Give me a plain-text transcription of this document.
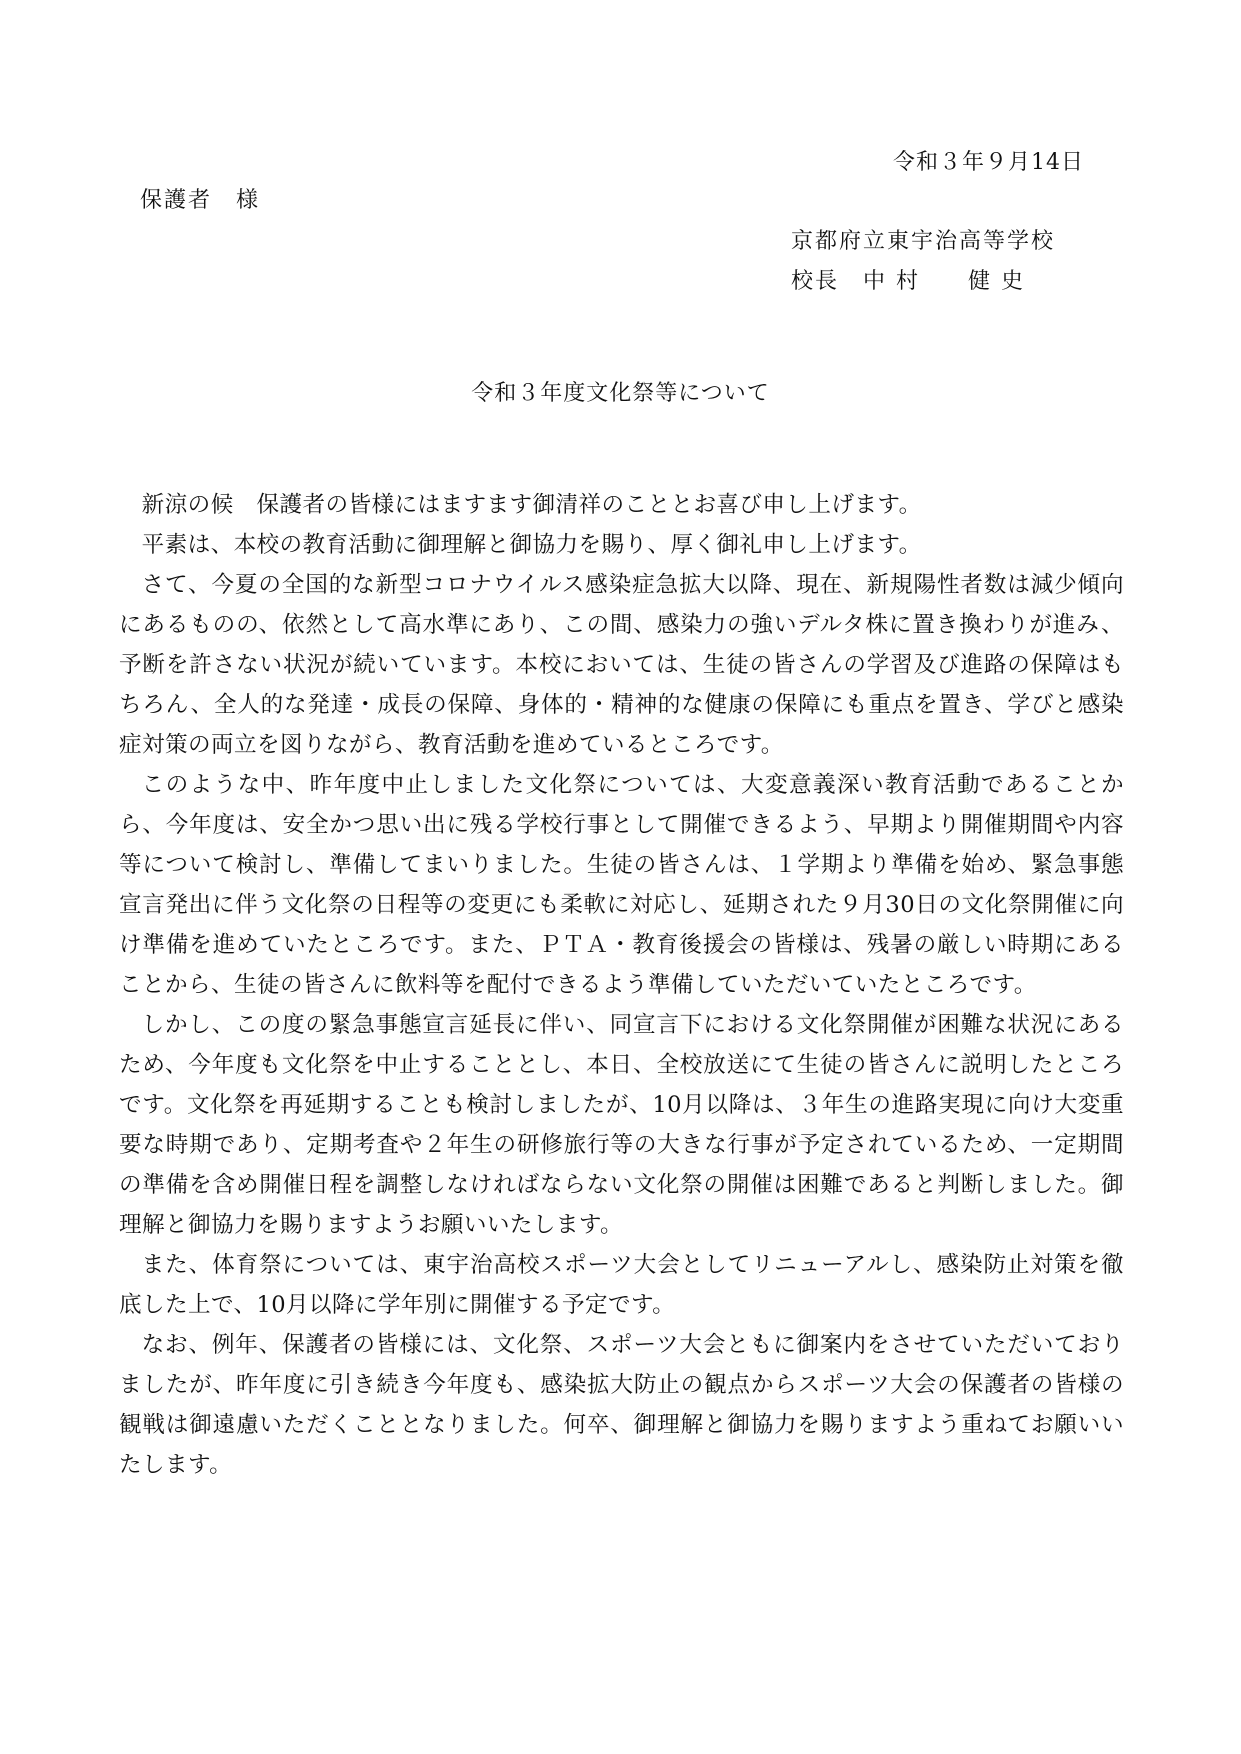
令和３年９月14日
保護者　様
京都府立東宇治高等学校
校長　中 村　　健 史
令和３年度文化祭等について

新涼の候　保護者の皆様にはますます御清祥のこととお喜び申し上げます。

平素は、本校の教育活動に御理解と御協力を賜り、厚く御礼申し上げます。

さて、今夏の全国的な新型コロナウイルス感染症急拡大以降、現在、新規陽性者数は減少傾向にあるものの、依然として高水準にあり、この間、感染力の強いデルタ株に置き換わりが進み、予断を許さない状況が続いています。本校においては、生徒の皆さんの学習及び進路の保障はもちろん、全人的な発達・成長の保障、身体的・精神的な健康の保障にも重点を置き、学びと感染症対策の両立を図りながら、教育活動を進めているところです。

このような中、昨年度中止しました文化祭については、大変意義深い教育活動であることから、今年度は、安全かつ思い出に残る学校行事として開催できるよう、早期より開催期間や内容等について検討し、準備してまいりました。生徒の皆さんは、１学期より準備を始め、緊急事態宣言発出に伴う文化祭の日程等の変更にも柔軟に対応し、延期された９月30日の文化祭開催に向け準備を進めていたところです。また、ＰＴＡ・教育後援会の皆様は、残暑の厳しい時期にあることから、生徒の皆さんに飲料等を配付できるよう準備していただいていたところです。

しかし、この度の緊急事態宣言延長に伴い、同宣言下における文化祭開催が困難な状況にあるため、今年度も文化祭を中止することとし、本日、全校放送にて生徒の皆さんに説明したところです。文化祭を再延期することも検討しましたが、10月以降は、３年生の進路実現に向け大変重要な時期であり、定期考査や２年生の研修旅行等の大きな行事が予定されているため、一定期間の準備を含め開催日程を調整しなければならない文化祭の開催は困難であると判断しました。御理解と御協力を賜りますようお願いいたします。

また、体育祭については、東宇治高校スポーツ大会としてリニューアルし、感染防止対策を徹底した上で、10月以降に学年別に開催する予定です。

なお、例年、保護者の皆様には、文化祭、スポーツ大会ともに御案内をさせていただいておりましたが、昨年度に引き続き今年度も、感染拡大防止の観点からスポーツ大会の保護者の皆様の観戦は御遠慮いただくこととなりました。何卒、御理解と御協力を賜りますよう重ねてお願いいたします。
